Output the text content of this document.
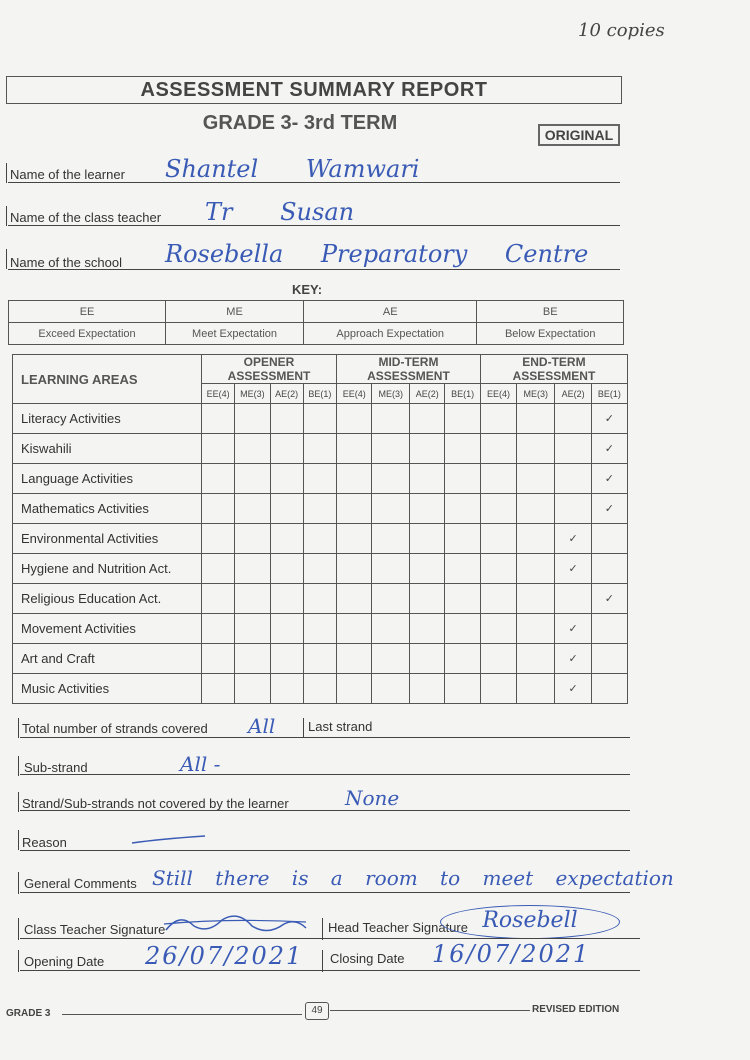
10 copies
ASSESSMENT SUMMARY REPORT
GRADE 3- 3rd TERM
ORIGINAL
Name of the learner Shantel Wamwari
Name of the class teacher Tr Susan
Name of the school Rosebella Preparatory Centre
KEY:
EE	ME	AE	BE
Exceed Expectation	Meet Expectation	Approach Expectation	Below Expectation
LEARNING AREAS	OPENER ASSESSMENT				MID-TERM ASSESSMENT				END-TERM ASSESSMENT			
	EE(4)	ME(3)	AE(2)	BE(1)	EE(4)	ME(3)	AE(2)	BE(1)	EE(4)	ME(3)	AE(2)	BE(1)
Literacy Activities												✓
Kiswahili												✓
Language Activities												✓
Mathematics Activities												✓
Environmental Activities											✓	
Hygiene and Nutrition Act.											✓	
Religious Education Act.												✓
Movement Activities											✓	
Art and Craft											✓	
Music Activities											✓	
Total number of strands covered All	Last strand
Sub-strand	All -
Strand/Sub-strands not covered by the learner	None
Reason
General Comments Still there is a room to meet expectation
Class Teacher Signature	Head Teacher Signature Rosebell
Opening Date 26/07/2021 Closing Date 16/07/2021
GRADE 3	49	REVISED EDITION
